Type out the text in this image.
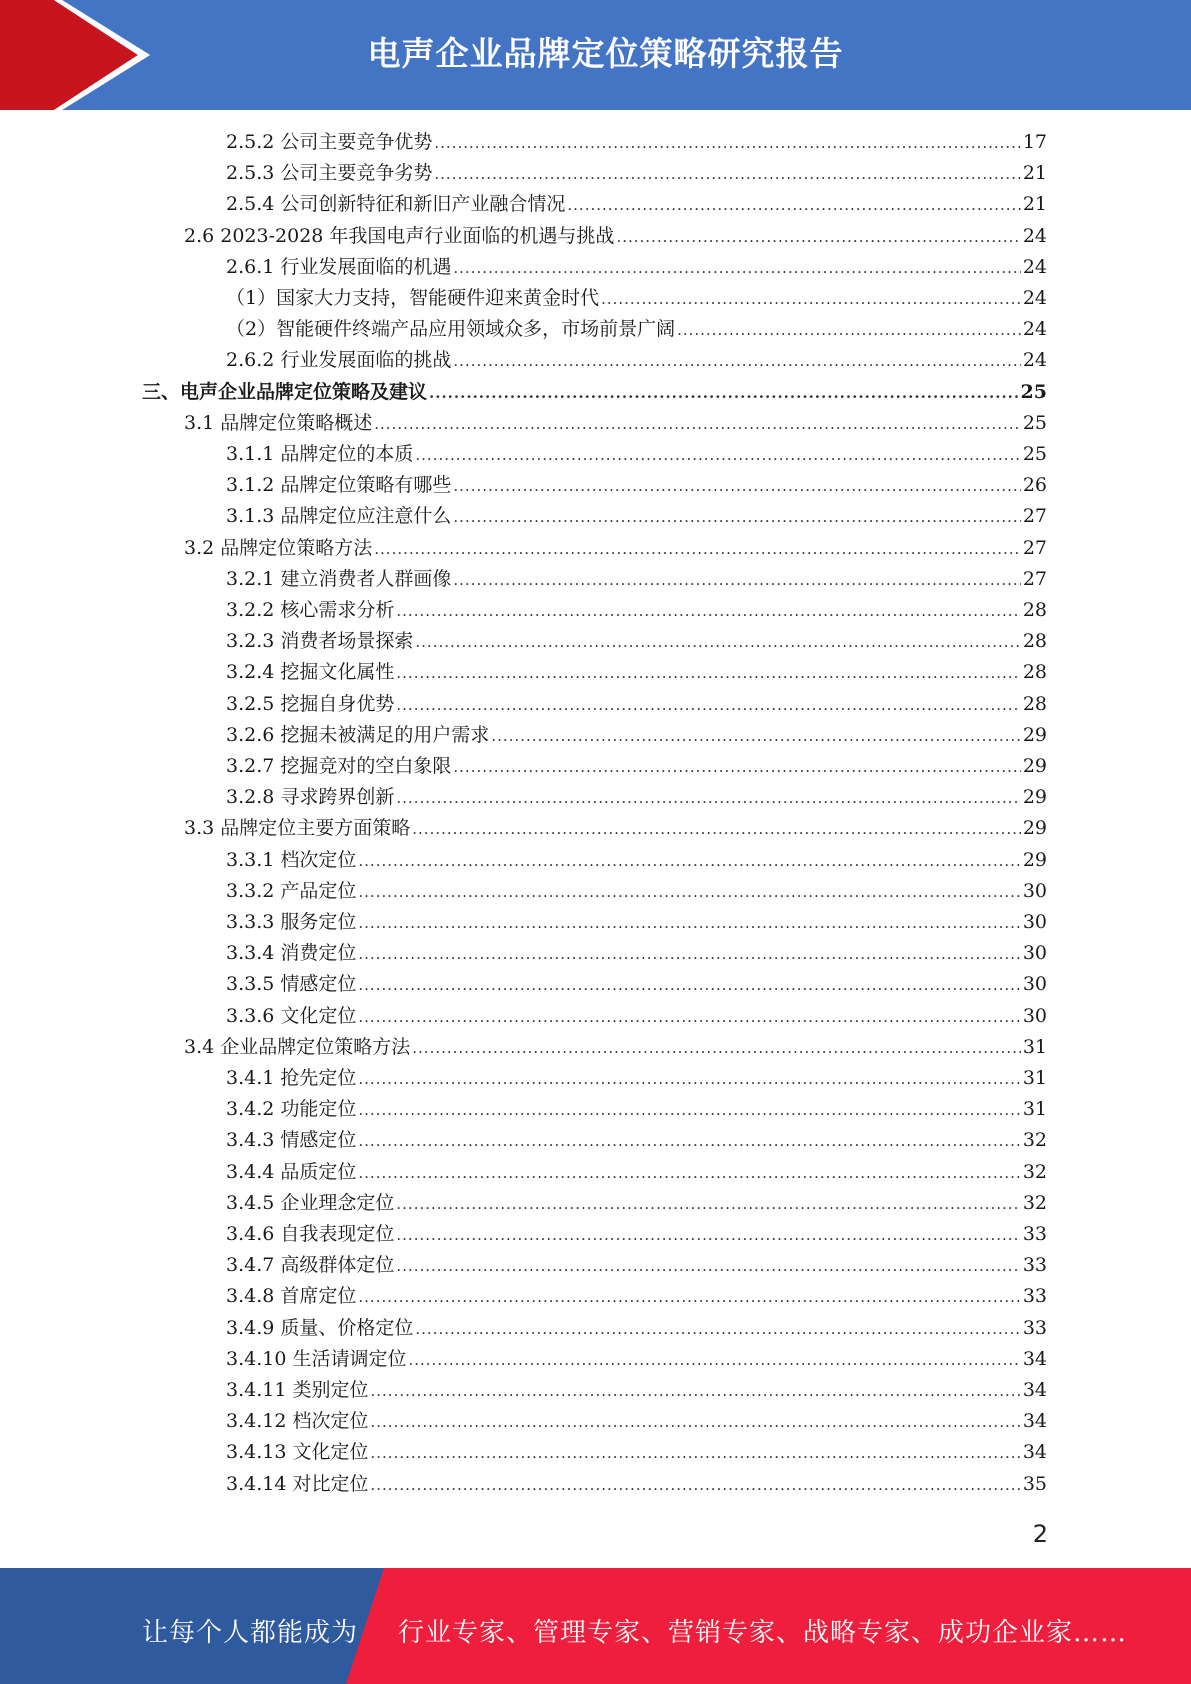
电声企业品牌定位策略研究报告
2.5.2 公司主要竞争优势 .....	17
2.5.3 公司主要竞争劣势 .....	21
2.5.4 公司创新特征和新旧产业融合情况 .....	21
2.6 2023-2028 年我国电声行业面临的机遇与挑战 .....	24
2.6.1 行业发展面临的机遇 .....	24
（1）国家大力支持，智能硬件迎来黄金时代 .....	24
（2）智能硬件终端产品应用领域众多，市场前景广阔 .....	24
2.6.2 行业发展面临的挑战 .....	24
三、电声企业品牌定位策略及建议 .....	25
3.1 品牌定位策略概述 .....	25
3.1.1 品牌定位的本质 .....	25
3.1.2 品牌定位策略有哪些 .....	26
3.1.3 品牌定位应注意什么 .....	27
3.2 品牌定位策略方法 .....	27
3.2.1 建立消费者人群画像 .....	27
3.2.2 核心需求分析 .....	28
3.2.3 消费者场景探索 .....	28
3.2.4 挖掘文化属性 .....	28
3.2.5 挖掘自身优势 .....	28
3.2.6 挖掘未被满足的用户需求 .....	29
3.2.7 挖掘竞对的空白象限 .....	29
3.2.8 寻求跨界创新 .....	29
3.3 品牌定位主要方面策略 .....	29
3.3.1 档次定位 .....	29
3.3.2 产品定位 .....	30
3.3.3 服务定位 .....	30
3.3.4 消费定位 .....	30
3.3.5 情感定位 .....	30
3.3.6 文化定位 .....	30
3.4 企业品牌定位策略方法 .....	31
3.4.1 抢先定位 .....	31
3.4.2 功能定位 .....	31
3.4.3 情感定位 .....	32
3.4.4 品质定位 .....	32
3.4.5 企业理念定位 .....	32
3.4.6 自我表现定位 .....	33
3.4.7 高级群体定位 .....	33
3.4.8 首席定位 .....	33
3.4.9 质量、价格定位 .....	33
3.4.10 生活请调定位 .....	34
3.4.11 类别定位 .....	34
3.4.12 档次定位 .....	34
3.4.13 文化定位 .....	34
3.4.14 对比定位 .....	35
2
让每个人都能成为 行业专家、管理专家、营销专家、战略专家、成功企业家……
